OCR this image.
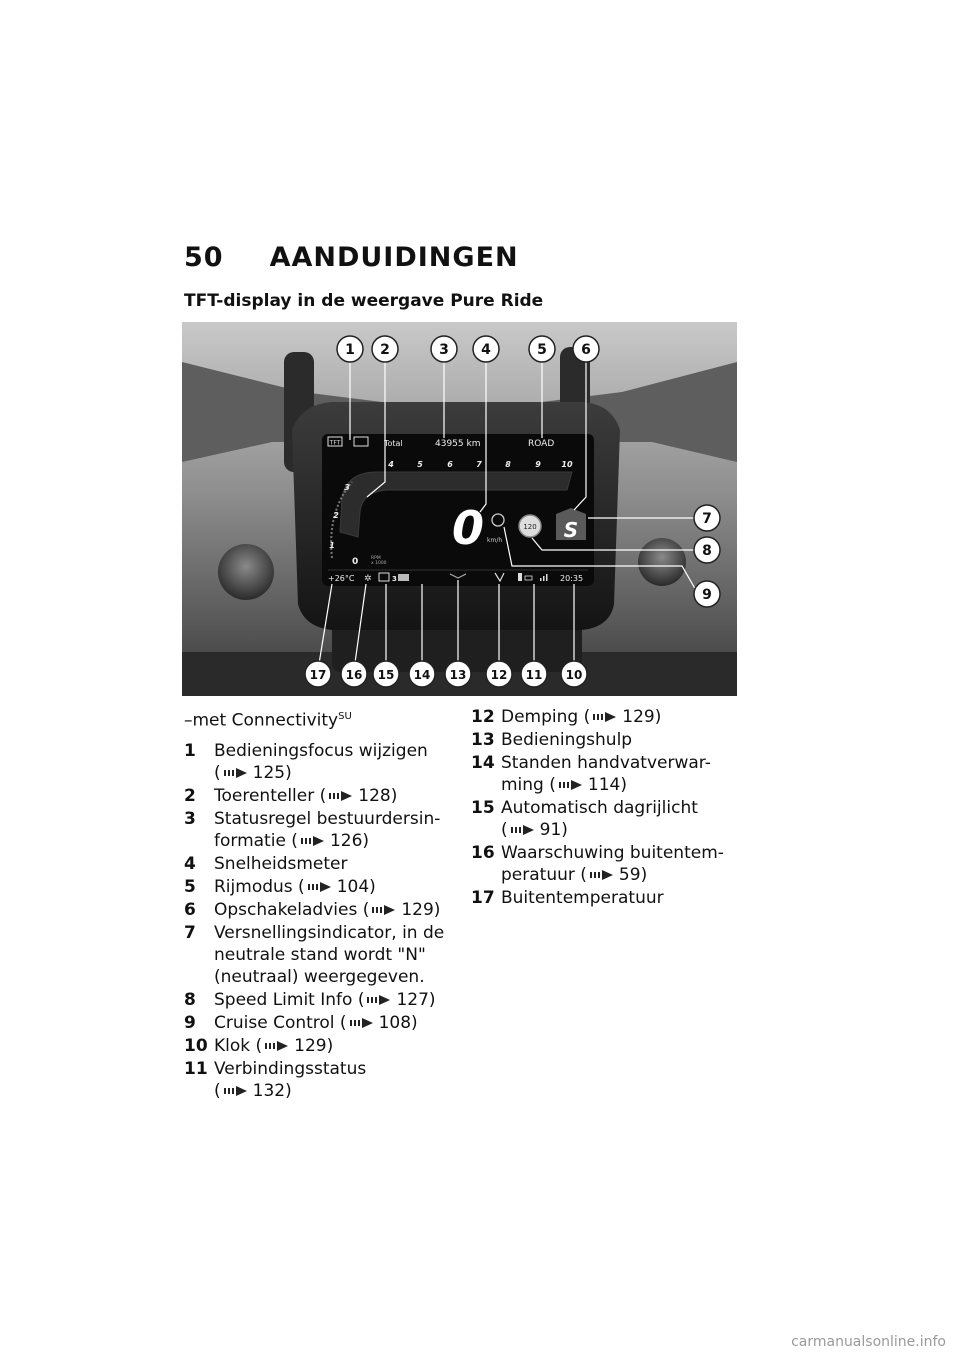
50 AANDUIDINGEN
TFT-display in de weergave Pure Ride
TFT	Total	43955 km	ROAD
0	RPM
x 1000
1
2
3
4	5	6	7	8	9	10
0 km/h
120 S
+26°C ✲	3	20:35
1 2	3 4	5 6
7
8
9
10
11
12
13
14
15
16
17
–met Connectivity$^{SU}$
1	Bedieningsfocus wijzigen
( 125)
2	Toerenteller ( 128)
3	Statusregel bestuurdersin-
formatie ( 126)
4	Snelheidsmeter
5	Rijmodus ( 104)
6	Opschakeladvies ( 129)
7	Versnellingsindicator, in de
neutrale stand wordt "N"
(neutraal) weergegeven.
8	Speed Limit Info ( 127)
9	Cruise Control ( 108)
10 Klok ( 129)
11 Verbindingsstatus
( 132)
12 Demping ( 129)
13 Bedieningshulp
14 Standen handvatverwar-
ming ( 114)
15 Automatisch dagrijlicht
( 91)
16 Waarschuwing buitentem-
peratuur ( 59)
17 Buitentemperatuur
carmanualsonline.info
